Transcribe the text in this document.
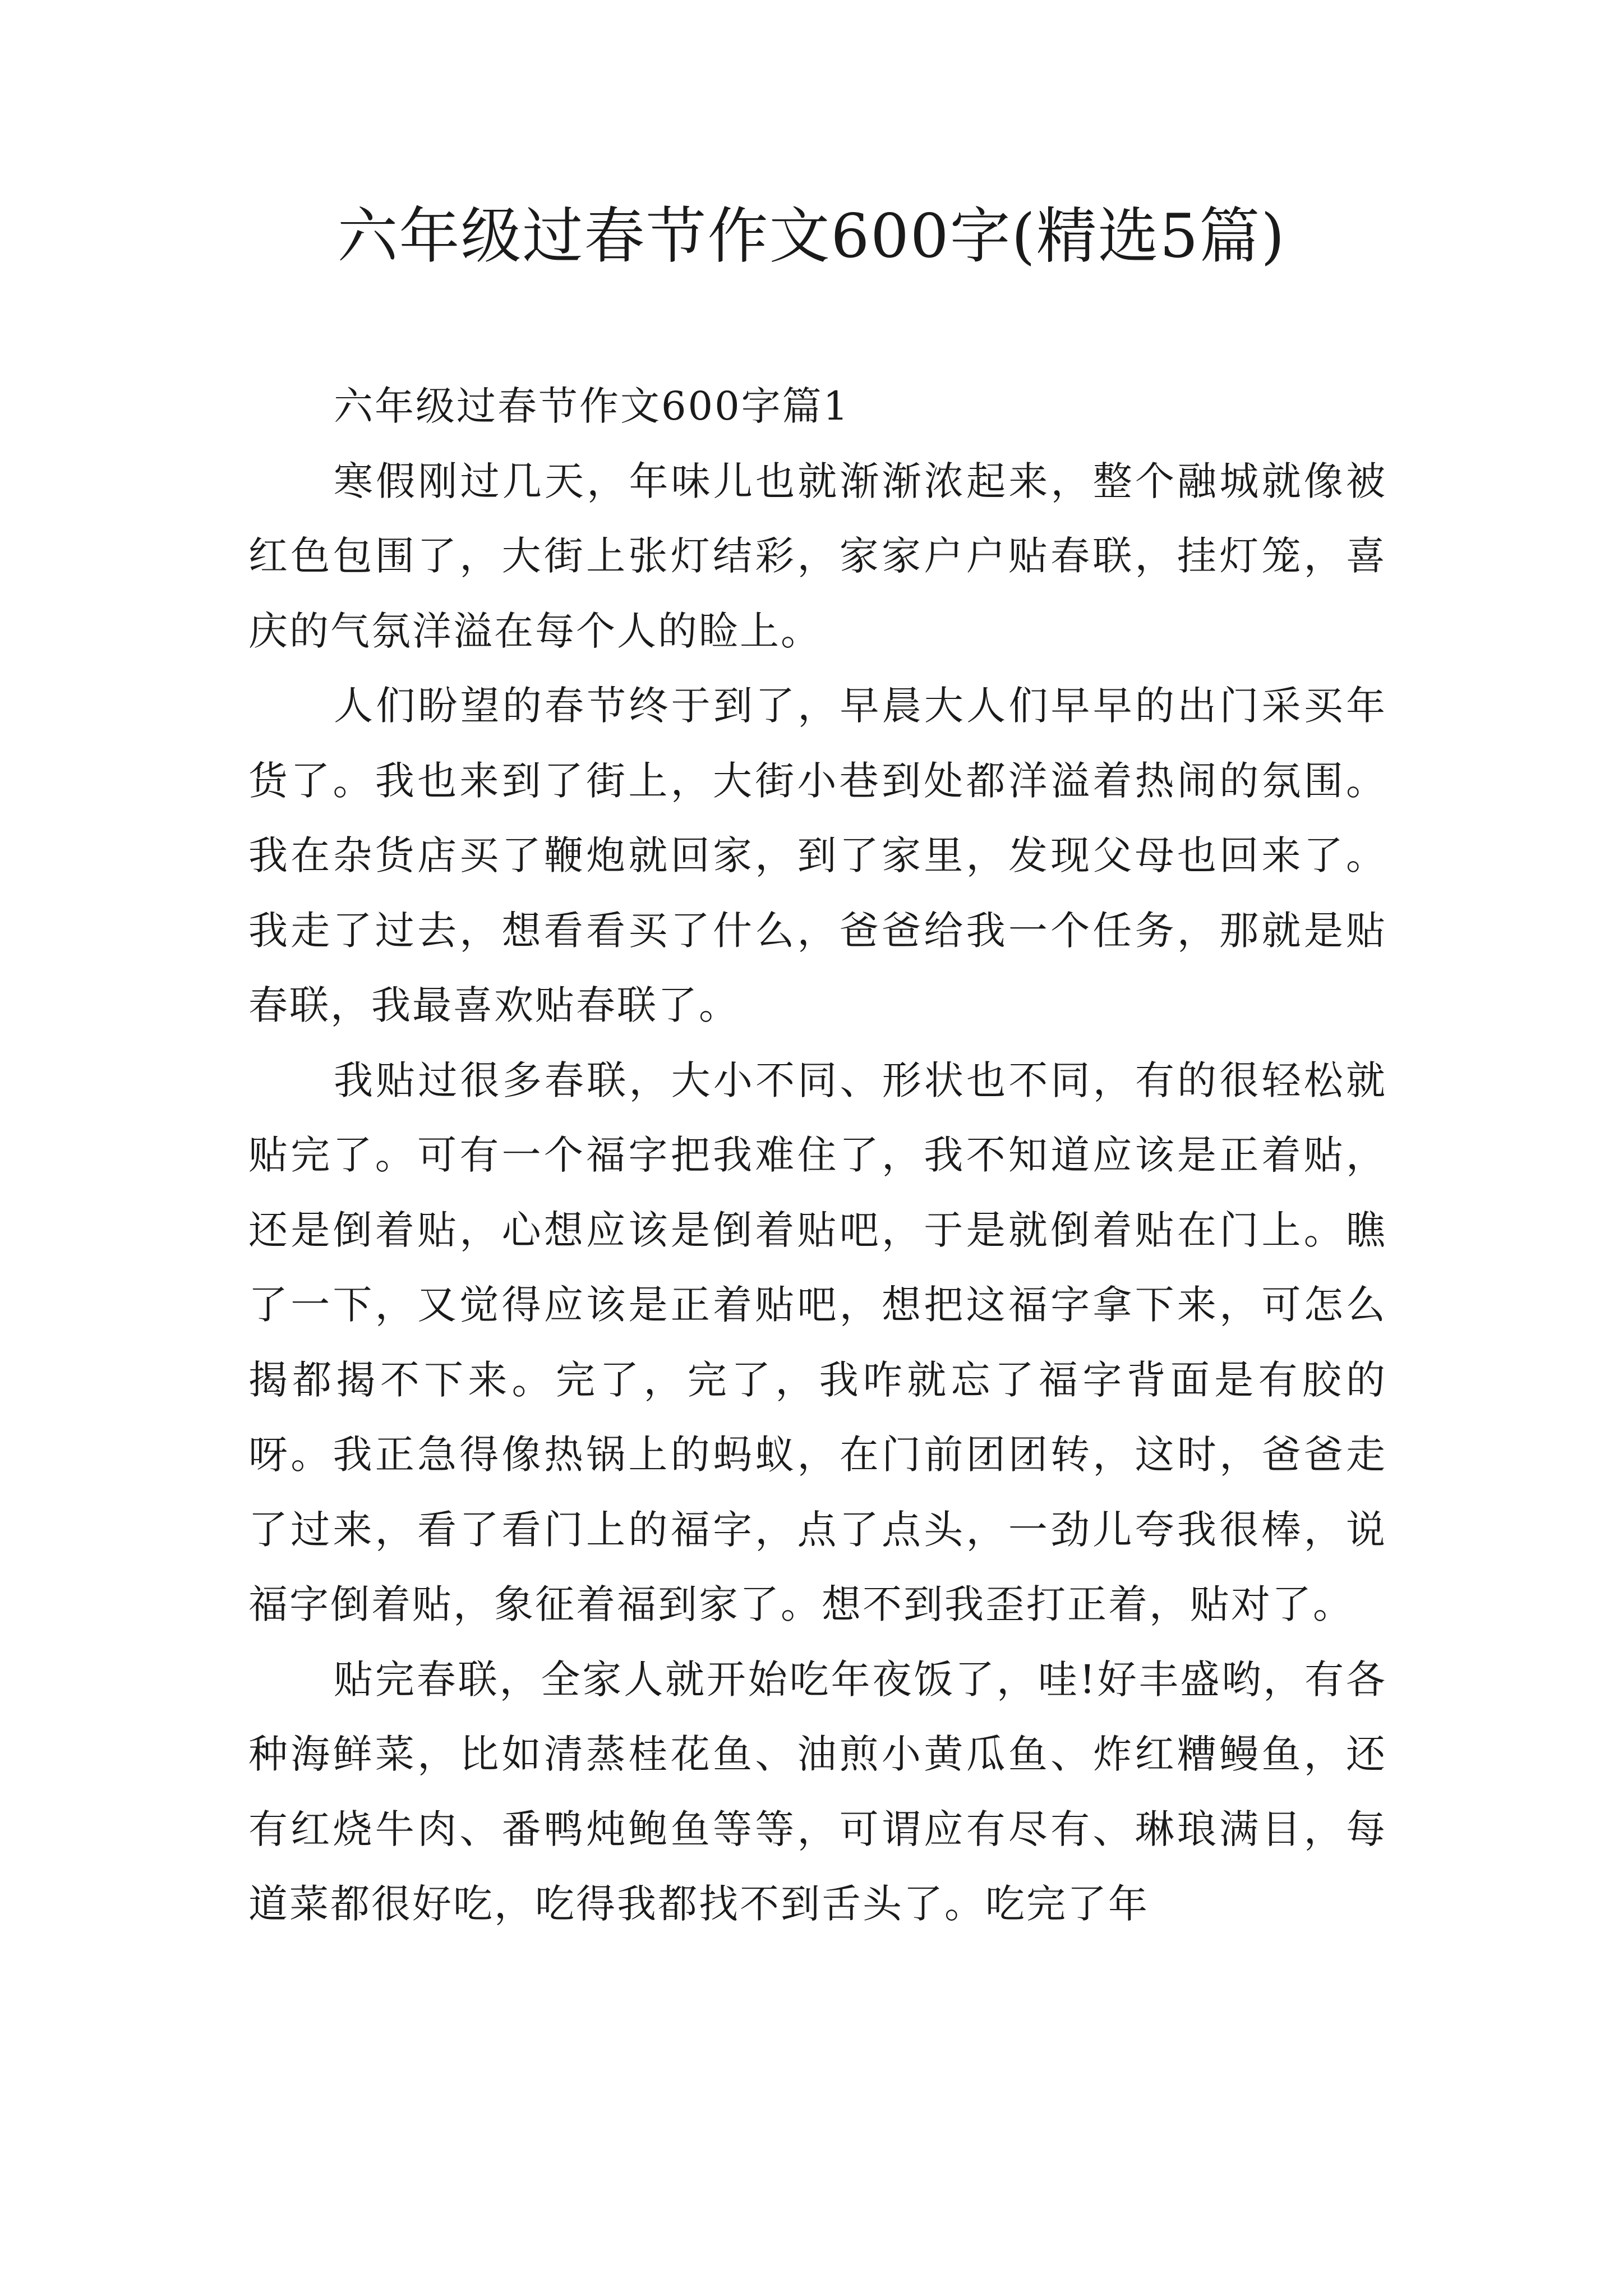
六年级过春节作文600字(精选5篇)
六年级过春节作文600字篇1

寒假刚过几天，年味儿也就渐渐浓起来，整个融城就像被红色包围了，大街上张灯结彩，家家户户贴春联，挂灯笼，喜庆的气氛洋溢在每个人的睑上。

人们盼望的春节终于到了，早晨大人们早早的出门采买年货了。我也来到了街上，大街小巷到处都洋溢着热闹的氛围。我在杂货店买了鞭炮就回家，到了家里，发现父母也回来了。我走了过去，想看看买了什么，爸爸给我一个任务，那就是贴春联，我最喜欢贴春联了。

我贴过很多春联，大小不同、形状也不同，有的很轻松就贴完了。可有一个福字把我难住了，我不知道应该是正着贴，还是倒着贴，心想应该是倒着贴吧，于是就倒着贴在门上。瞧了一下，又觉得应该是正着贴吧，想把这福字拿下来，可怎么揭都揭不下来。完了，完了，我咋就忘了福字背面是有胶的呀。我正急得像热锅上的蚂蚁，在门前团团转，这时，爸爸走了过来，看了看门上的福字，点了点头，一劲儿夸我很棒，说福字倒着贴，象征着福到家了。想不到我歪打正着，贴对了。

贴完春联，全家人就开始吃年夜饭了，哇!好丰盛哟，有各种海鲜菜，比如清蒸桂花鱼、油煎小黄瓜鱼、炸红糟鳗鱼，还有红烧牛肉、番鸭炖鲍鱼等等，可谓应有尽有、琳琅满目，每道菜都很好吃，吃得我都找不到舌头了。吃完了年
